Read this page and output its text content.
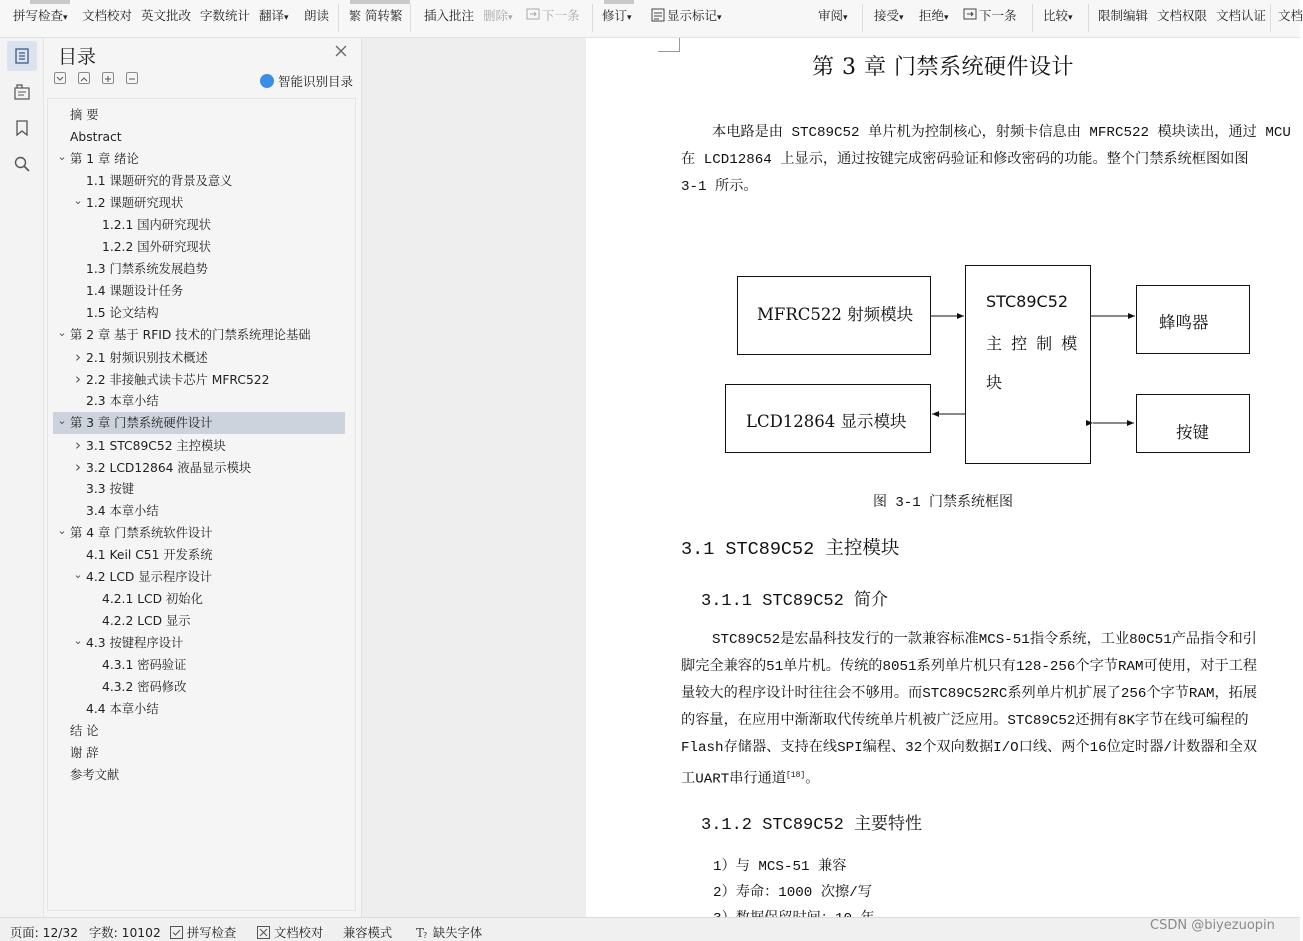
拼写检查▾ 文档校对 英文批改 字数统计 翻译▾ 朗读 繁 简转繁 插入批注 删除▾	下一条 修订▾	显示标记▾	审阅▾ 接受▾ 拒绝▾	下一条 比较▾ 限制编辑 文档权限 文档认证 文档
目录
智能识别目录
摘 要
Abstract
⌄ 第 1 章 绪论
1.1 课题研究的背景及意义
⌄ 1.2 课题研究现状
1.2.1 国内研究现状
1.2.2 国外研究现状
1.3 门禁系统发展趋势
1.4 课题设计任务
1.5 论文结构
⌄ 第 2 章 基于 RFID 技术的门禁系统理论基础
› 2.1 射频识别技术概述
› 2.2 非接触式读卡芯片 MFRC522
2.3 本章小结
⌄ 第 3 章 门禁系统硬件设计
› 3.1 STC89C52 主控模块
› 3.2 LCD12864 液晶显示模块
3.3 按键
3.4 本章小结
⌄ 第 4 章 门禁系统软件设计
4.1 Keil C51 开发系统
⌄ 4.2 LCD 显示程序设计
4.2.1 LCD 初始化
4.2.2 LCD 显示
⌄ 4.3 按键程序设计
4.3.1 密码验证
4.3.2 密码修改
4.4 本章小结
结 论
谢 辞
参考文献
第 3 章 门禁系统硬件设计
本电路是由 STC89C52 单片机为控制核心，射频卡信息由 MFRC522 模块读出，通过 MCU
在 LCD12864 上显示，通过按键完成密码验证和修改密码的功能。整个门禁系统框图如图
3-1 所示。
MFRC522 射频模块
LCD12864 显示模块
STC89C52
主 控 制 模
块
蜂鸣器
按键
图 3-1 门禁系统框图
3.1 STC89C52 主控模块
3.1.1 STC89C52 简介
STC89C52是宏晶科技发行的一款兼容标准MCS-51指令系统，工业80C51产品指令和引
脚完全兼容的51单片机。传统的8051系列单片机只有128-256个字节RAM可使用，对于工程
量较大的程序设计时往往会不够用。而STC89C52RC系列单片机扩展了256个字节RAM，拓展
的容量，在应用中渐渐取代传统单片机被广泛应用。STC89C52还拥有8K字节在线可编程的
Flash存储器、支持在线SPI编程、32个双向数据I/O口线、两个16位定时器/计数器和全双
工UART串行通道[18]。
3.1.2 STC89C52 主要特性
1）与 MCS-51 兼容
2）寿命：1000 次擦/写
页面: 12/32 字数: 10102	拼写检查	文档校对 兼容模式 T
? 缺失字体	CSDN @biyezuopin
